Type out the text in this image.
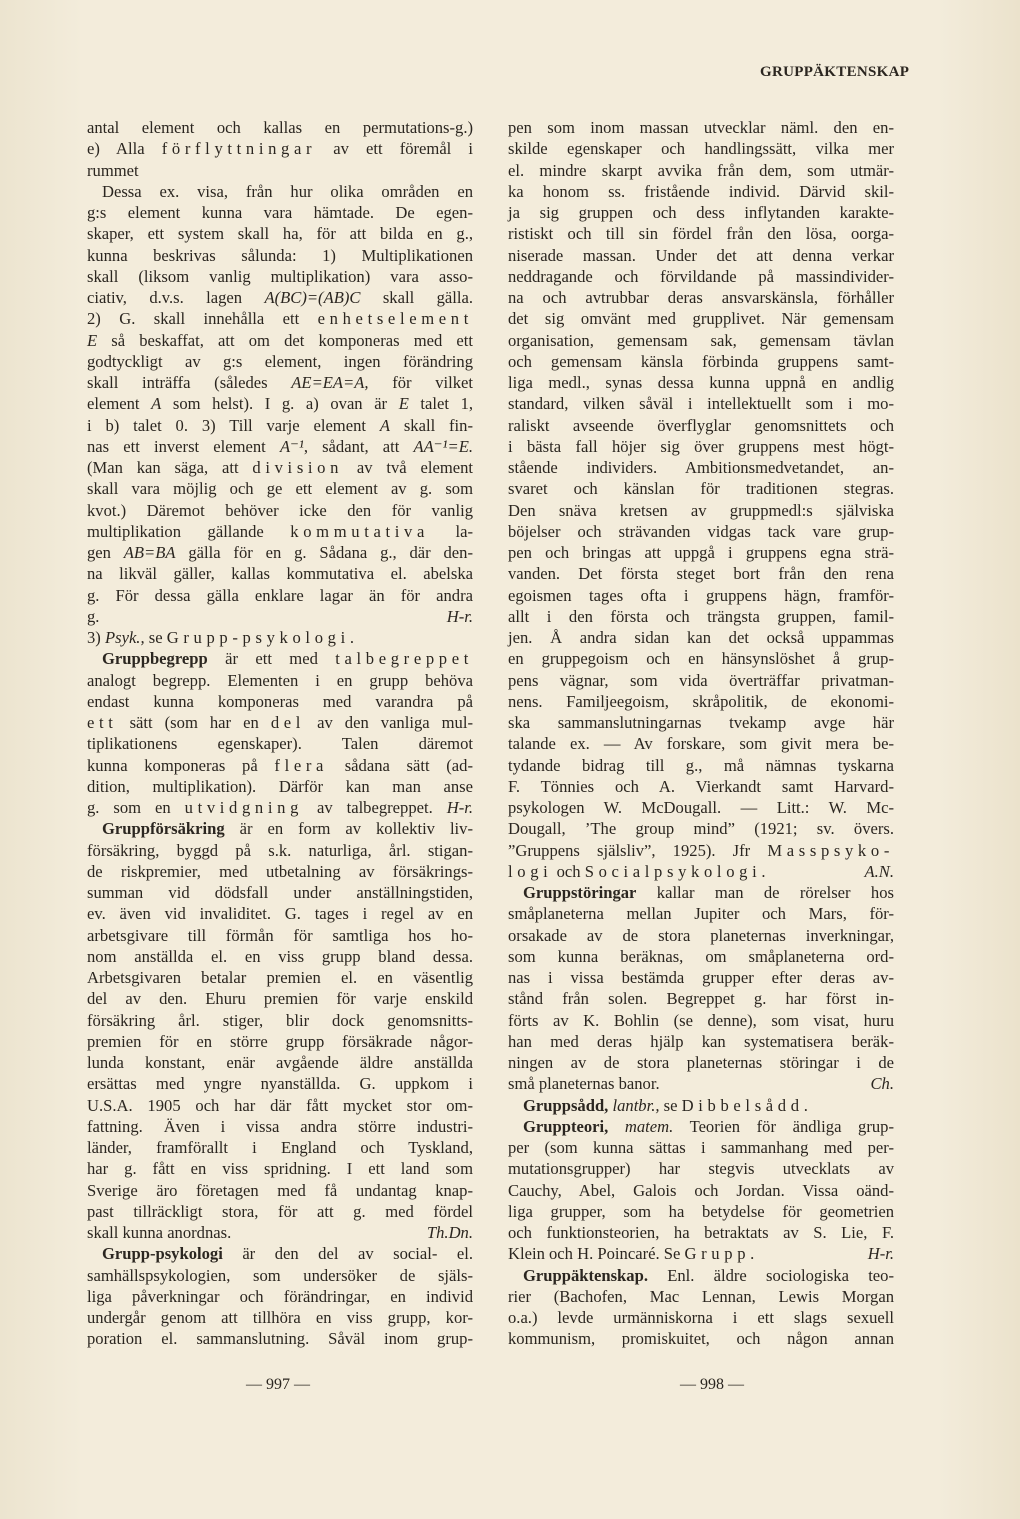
GRUPPÄKTENSKAP
antal element och kallas en permutations-g.)
e) Alla förflyttningar av ett föremål i
rummet
Dessa ex. visa, från hur olika områden en
g:s element kunna vara hämtade. De egen-
skaper, ett system skall ha, för att bilda en g.,
kunna beskrivas sålunda: 1) Multiplikationen
skall (liksom vanlig multiplikation) vara asso-
ciativ, d.v.s. lagen A(BC)=(AB)C skall gälla.
2) G. skall innehålla ett enhetselement
E så beskaffat, att om det komponeras med ett
godtyckligt av g:s element, ingen förändring
skall inträffa (således AE=EA=A, för vilket
element A som helst). I g. a) ovan är E talet 1,
i b) talet 0. 3) Till varje element A skall fin-
nas ett inverst element A⁻¹, sådant, att AA⁻¹=E.
(Man kan säga, att division av två element
skall vara möjlig och ge ett element av g. som
kvot.) Däremot behöver icke den för vanlig
multiplikation gällande kommutativa la-
gen AB=BA gälla för en g. Sådana g., där den-
na likväl gäller, kallas kommutativa el. abelska
g. För dessa gälla enklare lagar än för andra
H-r.
g.
3) Psyk., se Grupp-psykologi.
Gruppbegrepp är ett med talbegreppet
analogt begrepp. Elementen i en grupp behöva
endast kunna komponeras med varandra på
ett sätt (som har en del av den vanliga mul-
tiplikationens egenskaper). Talen däremot
kunna komponeras på flera sådana sätt (ad-
dition, multiplikation). Därför kan man anse
g. som en utvidgning av talbegreppet. H-r.
Gruppförsäkring är en form av kollektiv liv-
försäkring, byggd på s.k. naturliga, årl. stigan-
de riskpremier, med utbetalning av försäkrings-
summan vid dödsfall under anställningstiden,
ev. även vid invaliditet. G. tages i regel av en
arbetsgivare till förmån för samtliga hos ho-
nom anställda el. en viss grupp bland dessa.
Arbetsgivaren betalar premien el. en väsentlig
del av den. Ehuru premien för varje enskild
försäkring årl. stiger, blir dock genomsnitts-
premien för en större grupp försäkrade någor-
lunda konstant, enär avgående äldre anställda
ersättas med yngre nyanställda. G. uppkom i
U.S.A. 1905 och har där fått mycket stor om-
fattning. Även i vissa andra större industri-
länder, framförallt i England och Tyskland,
har g. fått en viss spridning. I ett land som
Sverige äro företagen med få undantag knap-
past tillräckligt stora, för att g. med fördel
Th.Dn.
skall kunna anordnas.
Grupp-psykologi är den del av social- el.
samhällspsykologien, som undersöker de själs-
liga påverkningar och förändringar, en individ
undergår genom att tillhöra en viss grupp, kor-
poration el. sammanslutning. Såväl inom grup-
pen som inom massan utvecklar näml. den en-
skilde egenskaper och handlingssätt, vilka mer
el. mindre skarpt avvika från dem, som utmär-
ka honom ss. fristående individ. Därvid skil-
ja sig gruppen och dess inflytanden karakte-
ristiskt och till sin fördel från den lösa, oorga-
niserade massan. Under det att denna verkar
neddragande och förvildande på massindivider-
na och avtrubbar deras ansvarskänsla, förhåller
det sig omvänt med grupplivet. När gemensam
organisation, gemensam sak, gemensam tävlan
och gemensam känsla förbinda gruppens samt-
liga medl., synas dessa kunna uppnå en andlig
standard, vilken såväl i intellektuellt som i mo-
raliskt avseende överflyglar genomsnittets och
i bästa fall höjer sig över gruppens mest högt-
stående individers. Ambitionsmedvetandet, an-
svaret och känslan för traditionen stegras.
Den snäva kretsen av gruppmedl:s själviska
böjelser och strävanden vidgas tack vare grup-
pen och bringas att uppgå i gruppens egna strä-
vanden. Det första steget bort från den rena
egoismen tages ofta i gruppens hägn, framför-
allt i den första och trängsta gruppen, famil-
jen. Å andra sidan kan det också uppammas
en gruppegoism och en hänsynslöshet å grup-
pens vägnar, som vida överträffar privatman-
nens. Familjeegoism, skråpolitik, de ekonomi-
ska sammanslutningarnas tvekamp avge här
talande ex. — Av forskare, som givit mera be-
tydande bidrag till g., må nämnas tyskarna
F. Tönnies och A. Vierkandt samt Harvard-
psykologen W. McDougall. — Litt.: W. Mc-
Dougall, ’The group mind” (1921; sv. övers.
”Gruppens själsliv”, 1925). Jfr Masspsyko-
A.N.
logi och Socialpsykologi.
Gruppstöringar kallar man de rörelser hos
småplaneterna mellan Jupiter och Mars, för-
orsakade av de stora planeternas inverkningar,
som kunna beräknas, om småplaneterna ord-
nas i vissa bestämda grupper efter deras av-
stånd från solen. Begreppet g. har först in-
förts av K. Bohlin (se denne), som visat, huru
han med deras hjälp kan systematisera beräk-
ningen av de stora planeternas störingar i de
Ch.
små planeternas banor.
Gruppsådd, lantbr., se Dibbelsådd.
Gruppteori, matem. Teorien för ändliga grup-
per (som kunna sättas i sammanhang med per-
mutationsgrupper) har stegvis utvecklats av
Cauchy, Abel, Galois och Jordan. Vissa oänd-
liga grupper, som ha betydelse för geometrien
och funktionsteorien, ha betraktats av S. Lie, F.
H-r.
Klein och H. Poincaré. Se Grupp.
Gruppäktenskap. Enl. äldre sociologiska teo-
rier (Bachofen, Mac Lennan, Lewis Morgan
o.a.) levde urmänniskorna i ett slags sexuell
kommunism, promiskuitet, och någon annan
— 997 —	— 998 —
